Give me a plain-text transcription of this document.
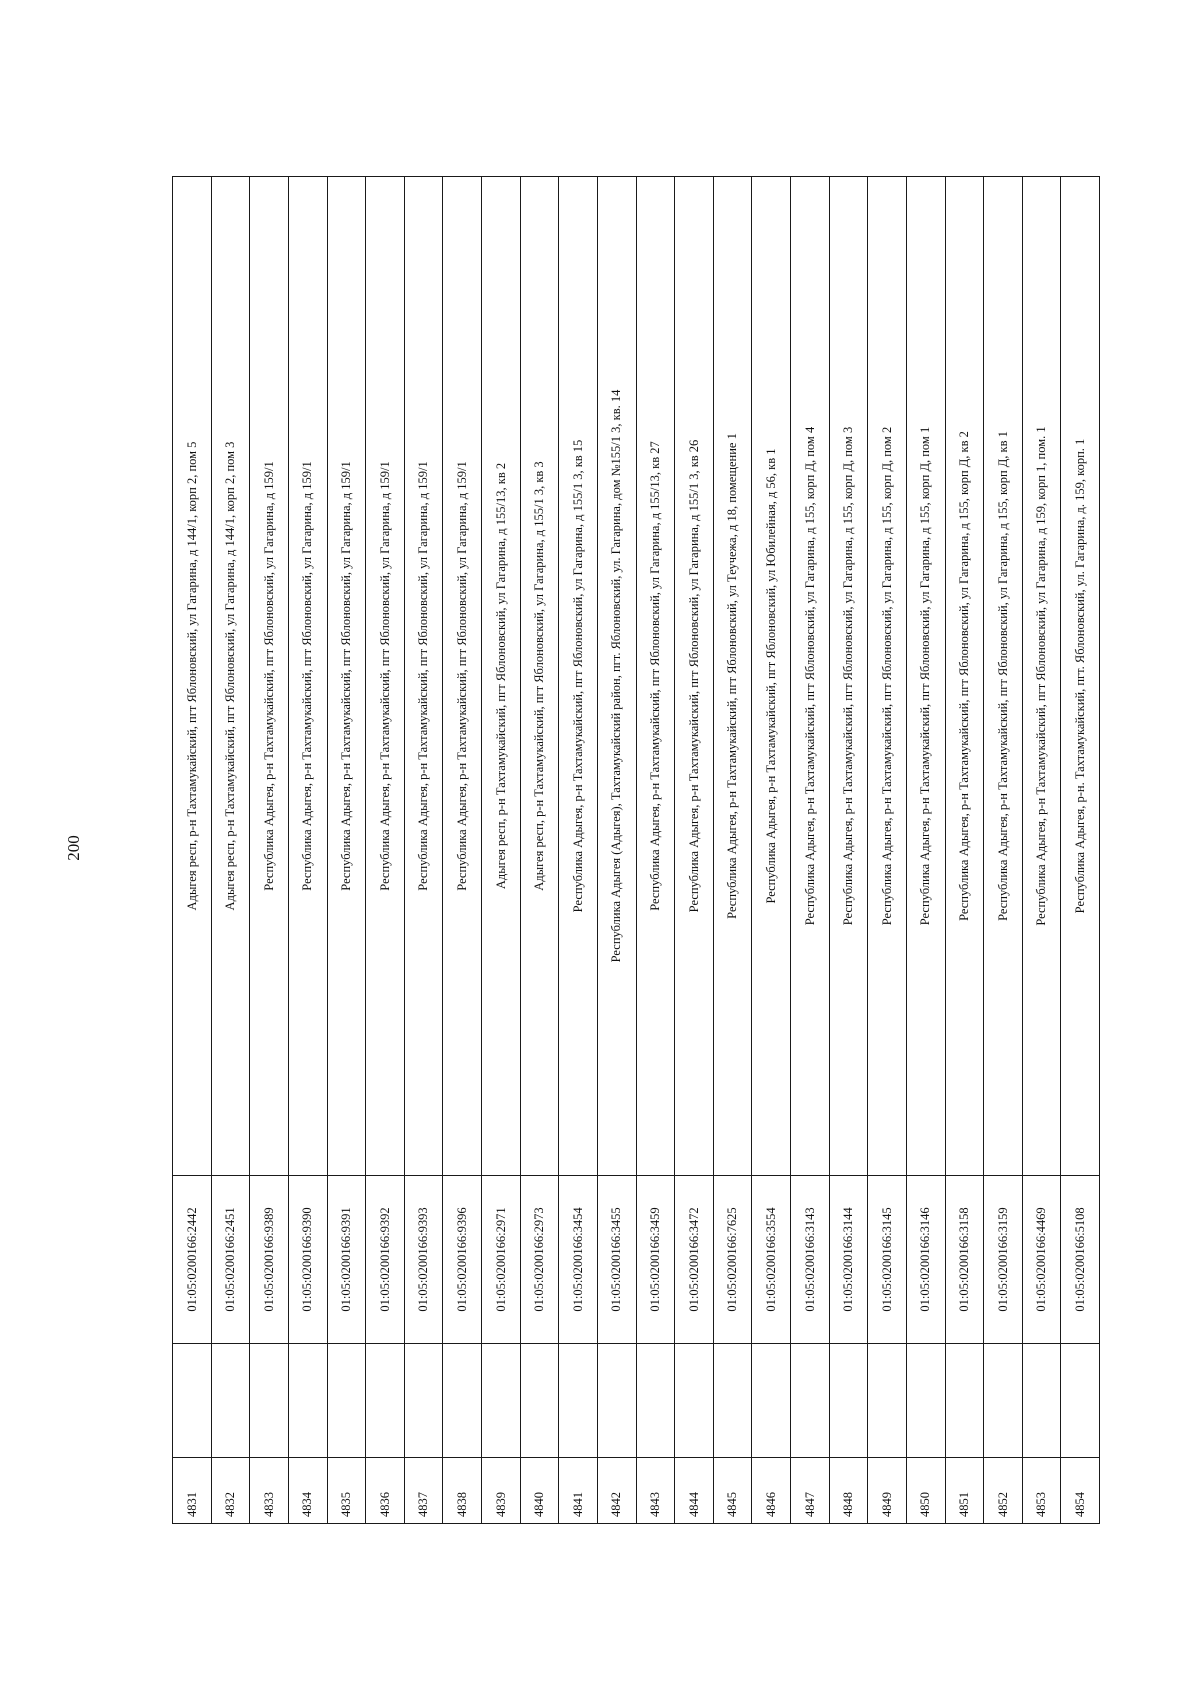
200
4831		01:05:0200166:2442	Адыгея респ, р-н Тахтамукайский, пгт Яблоновский, ул Гагарина, д 144/1, корп 2, пом 5
4832		01:05:0200166:2451	Адыгея респ, р-н Тахтамукайский, пгт Яблоновский, ул Гагарина, д 144/1, корп 2, пом 3
4833		01:05:0200166:9389	Республика Адыгея, р-н Тахтамукайский, пгт Яблоновский, ул Гагарина, д 159/1
4834		01:05:0200166:9390	Республика Адыгея, р-н Тахтамукайский, пгт Яблоновский, ул Гагарина, д 159/1
4835		01:05:0200166:9391	Республика Адыгея, р-н Тахтамукайский, пгт Яблоновский, ул Гагарина, д 159/1
4836		01:05:0200166:9392	Республика Адыгея, р-н Тахтамукайский, пгт Яблоновский, ул Гагарина, д 159/1
4837		01:05:0200166:9393	Республика Адыгея, р-н Тахтамукайский, пгт Яблоновский, ул Гагарина, д 159/1
4838		01:05:0200166:9396	Республика Адыгея, р-н Тахтамукайский, пгт Яблоновский, ул Гагарина, д 159/1
4839		01:05:0200166:2971	Адыгея респ, р-н Тахтамукайский, пгт Яблоновский, ул Гагарина, д 155/13, кв 2
4840		01:05:0200166:2973	Адыгея респ, р-н Тахтамукайский, пгт Яблоновский, ул Гагарина, д 155/1 3, кв 3
4841		01:05:0200166:3454	Республика Адыгея, р-н Тахтамукайский, пгт Яблоновский, ул Гагарина, д 155/1 3, кв 15
4842		01:05:0200166:3455	Республика Адыгея (Адыгея), Тахтамукайский район, пгт. Яблоновский, ул. Гагарина, дом №155/1 3, кв. 14
4843		01:05:0200166:3459	Республика Адыгея, р-н Тахтамукайский, пгт Яблоновский, ул Гагарина, д 155/13, кв 27
4844		01:05:0200166:3472	Республика Адыгея, р-н Тахтамукайский, пгт Яблоновский, ул Гагарина, д 155/1 3, кв 26
4845		01:05:0200166:7625	Республика Адыгея, р-н Тахтамукайский, пгт Яблоновский, ул Теучежа, д 18, помещение 1
4846		01:05:0200166:3554	Республика Адыгея, р-н Тахтамукайский, пгт Яблоновский, ул Юбилейная, д 56, кв 1
4847		01:05:0200166:3143	Республика Адыгея, р-н Тахтамукайский, пгт Яблоновский, ул Гагарина, д 155, корп Д, пом 4
4848		01:05:0200166:3144	Республика Адыгея, р-н Тахтамукайский, пгт Яблоновский, ул Гагарина, д 155, корп Д, пом 3
4849		01:05:0200166:3145	Республика Адыгея, р-н Тахтамукайский, пгт Яблоновский, ул Гагарина, д 155, корп Д, пом 2
4850		01:05:0200166:3146	Республика Адыгея, р-н Тахтамукайский, пгт Яблоновский, ул Гагарина, д 155, корп Д, пом 1
4851		01:05:0200166:3158	Республика Адыгея, р-н Тахтамукайский, пгт Яблоновский, ул Гагарина, д 155, корп Д, кв 2
4852		01:05:0200166:3159	Республика Адыгея, р-н Тахтамукайский, пгт Яблоновский, ул Гагарина, д 155, корп Д, кв 1
4853		01:05:0200166:4469	Республика Адыгея, р-н Тахтамукайский, пгт Яблоновский, ул Гагарина, д 159, корп 1, пом. 1
4854		01:05:0200166:5108	Республика Адыгея, р-н. Тахтамукайский, пгт. Яблоновский, ул. Гагарина, д. 159, корп. 1
